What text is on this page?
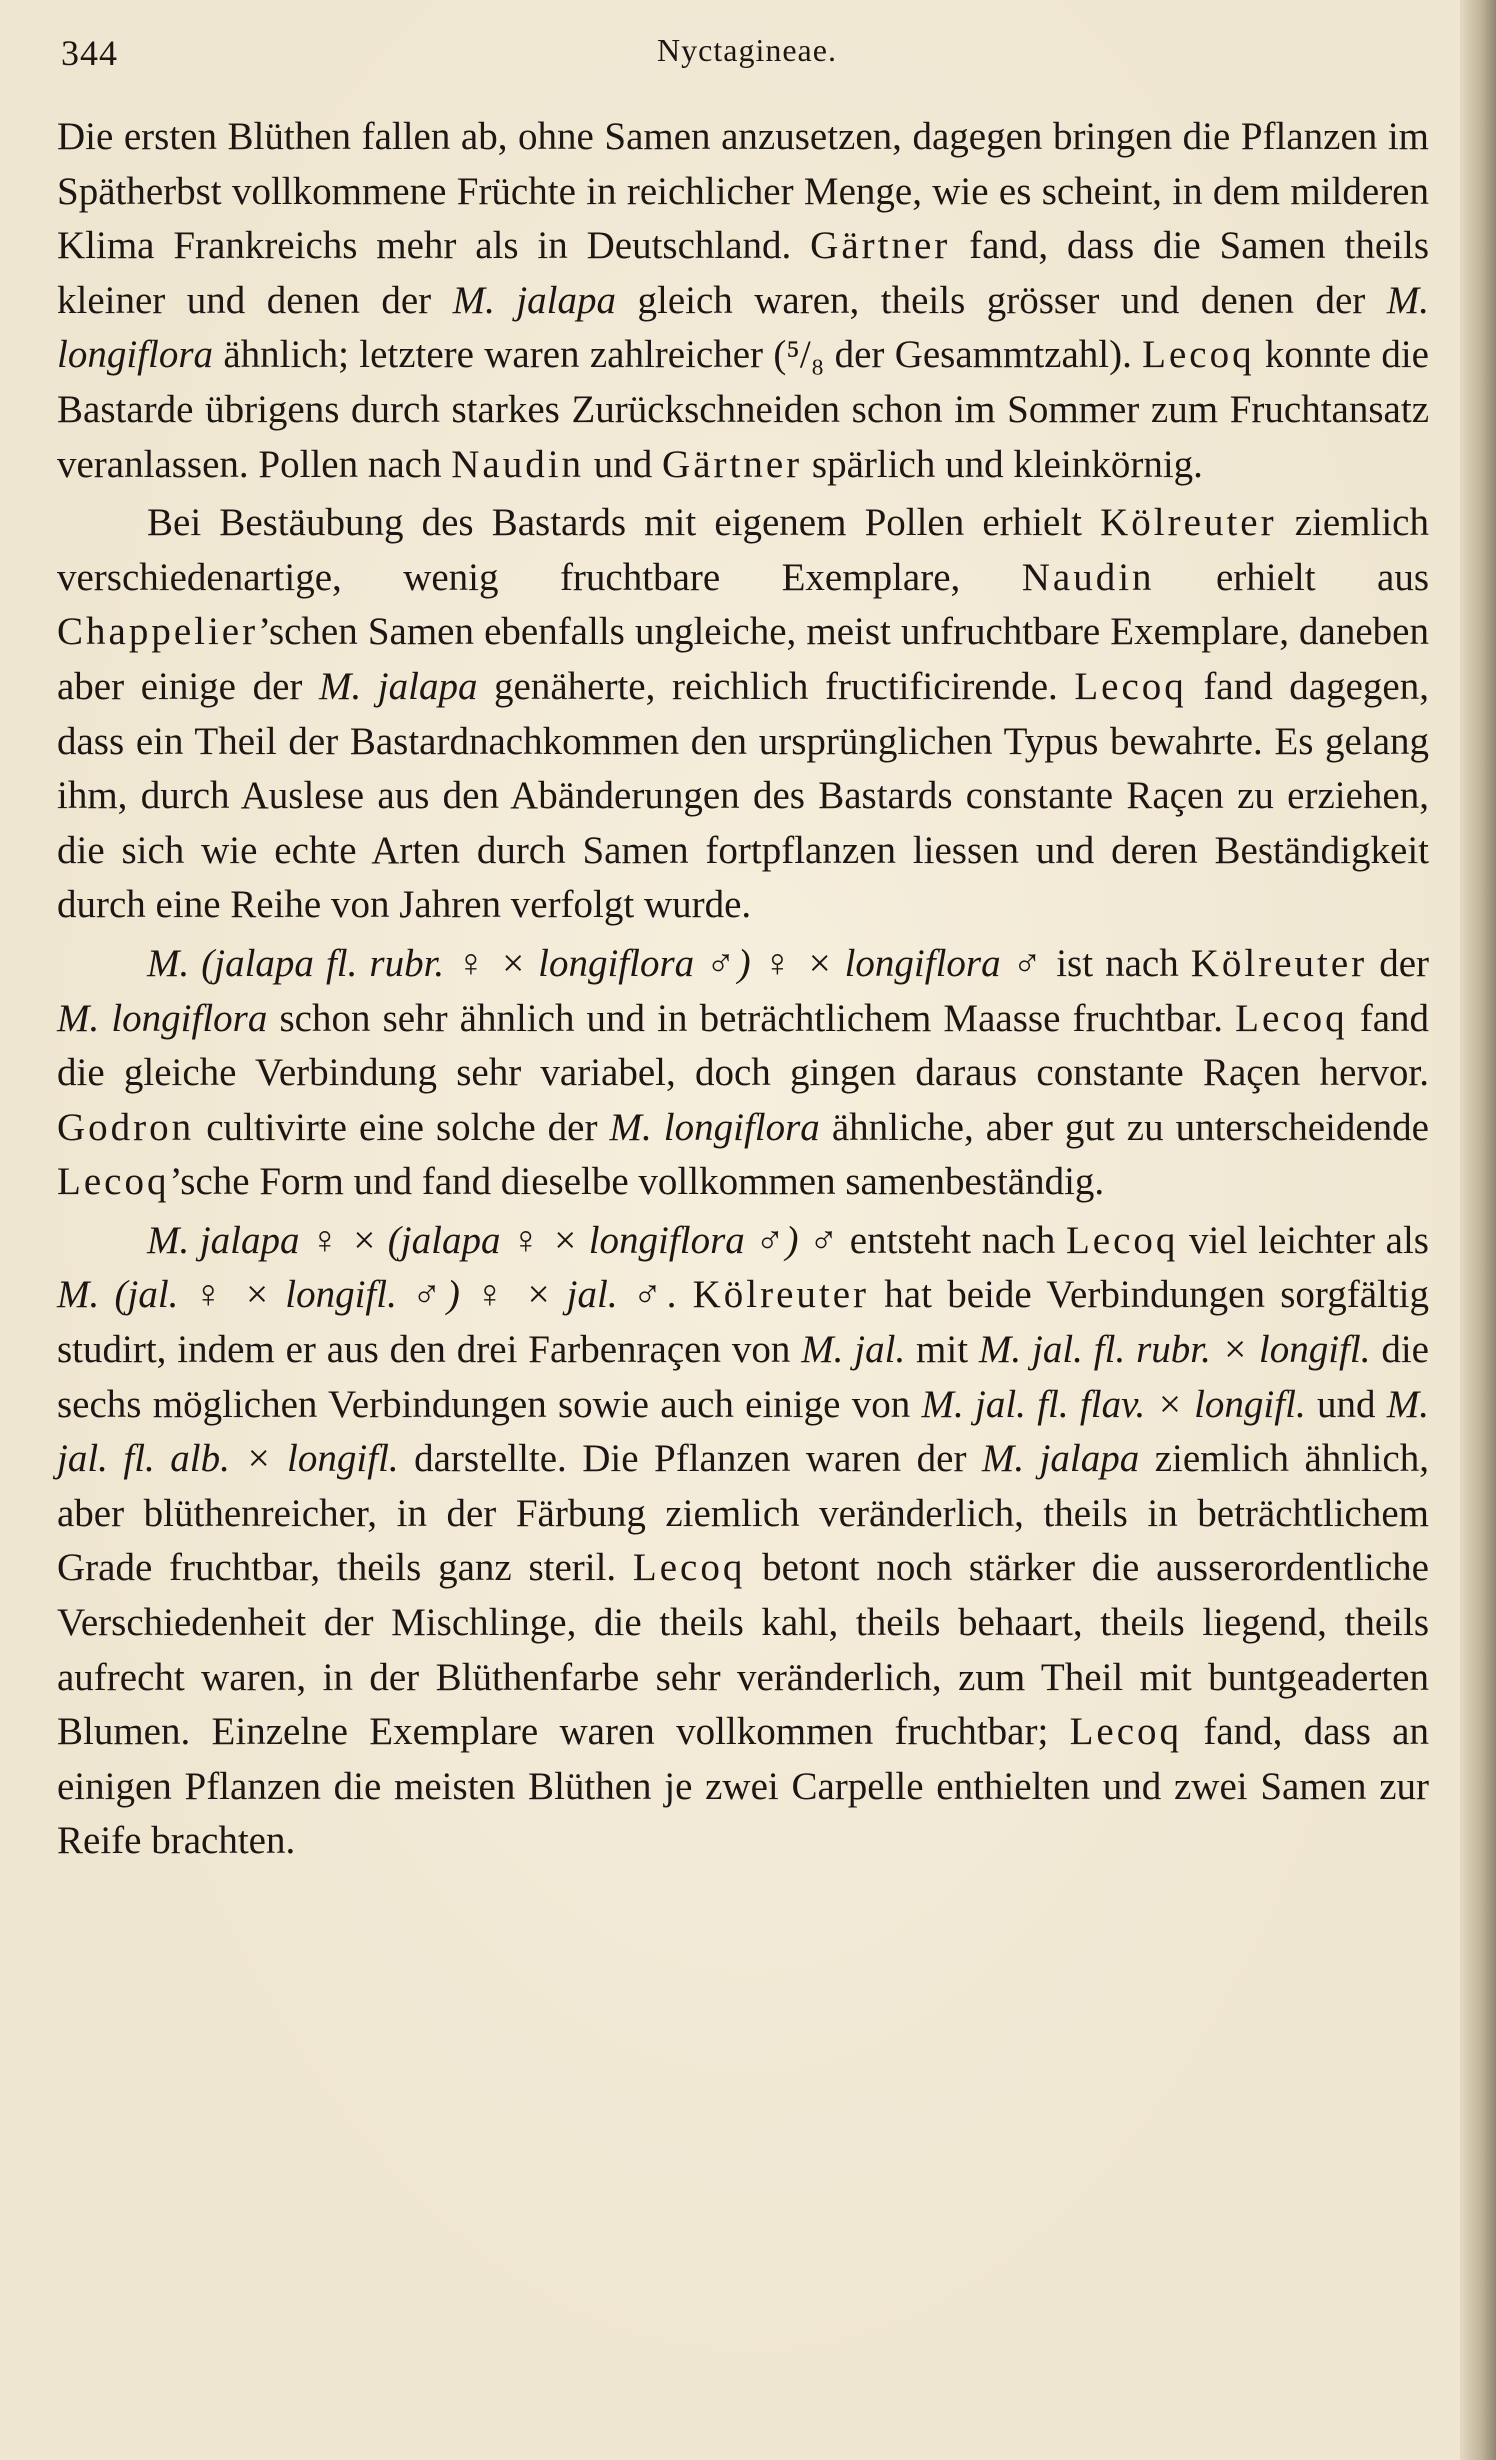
344	Nyctagineae.

Die ersten Blüthen fallen ab, ohne Samen anzusetzen, dagegen bringen die Pflanzen im Spätherbst vollkommene Früchte in reichlicher Menge, wie es scheint, in dem milderen Klima Frankreichs mehr als in Deutschland. Gärtner fand, dass die Samen theils kleiner und denen der M. jalapa gleich waren, theils grösser und denen der M. longiflora ähnlich; letztere waren zahlreicher (⁵/₈ der Gesammtzahl). Lecoq konnte die Bastarde übrigens durch starkes Zurückschneiden schon im Sommer zum Fruchtansatz veranlassen. Pollen nach Naudin und Gärtner spärlich und kleinkörnig.

Bei Bestäubung des Bastards mit eigenem Pollen erhielt Kölreuter ziemlich verschiedenartige, wenig fruchtbare Exemplare, Naudin erhielt aus Chappelier’schen Samen ebenfalls ungleiche, meist unfruchtbare Exemplare, daneben aber einige der M. jalapa genäherte, reichlich fructificirende. Lecoq fand dagegen, dass ein Theil der Bastardnachkommen den ursprünglichen Typus bewahrte. Es gelang ihm, durch Auslese aus den Abänderungen des Bastards constante Raçen zu erziehen, die sich wie echte Arten durch Samen fortpflanzen liessen und deren Beständigkeit durch eine Reihe von Jahren verfolgt wurde.

M. (jalapa fl. rubr. ♀ × longiflora ♂) ♀ × longiflora ♂ ist nach Kölreuter der M. longiflora schon sehr ähnlich und in beträchtlichem Maasse fruchtbar. Lecoq fand die gleiche Verbindung sehr variabel, doch gingen daraus constante Raçen hervor. Godron cultivirte eine solche der M. longiflora ähnliche, aber gut zu unterscheidende Lecoq’sche Form und fand dieselbe vollkommen samenbeständig.

M. jalapa ♀ × (jalapa ♀ × longiflora ♂) ♂ entsteht nach Lecoq viel leichter als M. (jal. ♀ × longifl. ♂) ♀ × jal. ♂. Kölreuter hat beide Verbindungen sorgfältig studirt, indem er aus den drei Farbenraçen von M. jal. mit M. jal. fl. rubr. × longifl. die sechs möglichen Verbindungen sowie auch einige von M. jal. fl. flav. × longifl. und M. jal. fl. alb. × longifl. darstellte. Die Pflanzen waren der M. jalapa ziemlich ähnlich, aber blüthenreicher, in der Färbung ziemlich veränderlich, theils in beträchtlichem Grade fruchtbar, theils ganz steril. Lecoq betont noch stärker die ausserordentliche Verschiedenheit der Mischlinge, die theils kahl, theils behaart, theils liegend, theils aufrecht waren, in der Blüthenfarbe sehr veränderlich, zum Theil mit buntgeaderten Blumen. Einzelne Exemplare waren vollkommen fruchtbar; Lecoq fand, dass an einigen Pflanzen die meisten Blüthen je zwei Carpelle enthielten und zwei Samen zur Reife brachten.
